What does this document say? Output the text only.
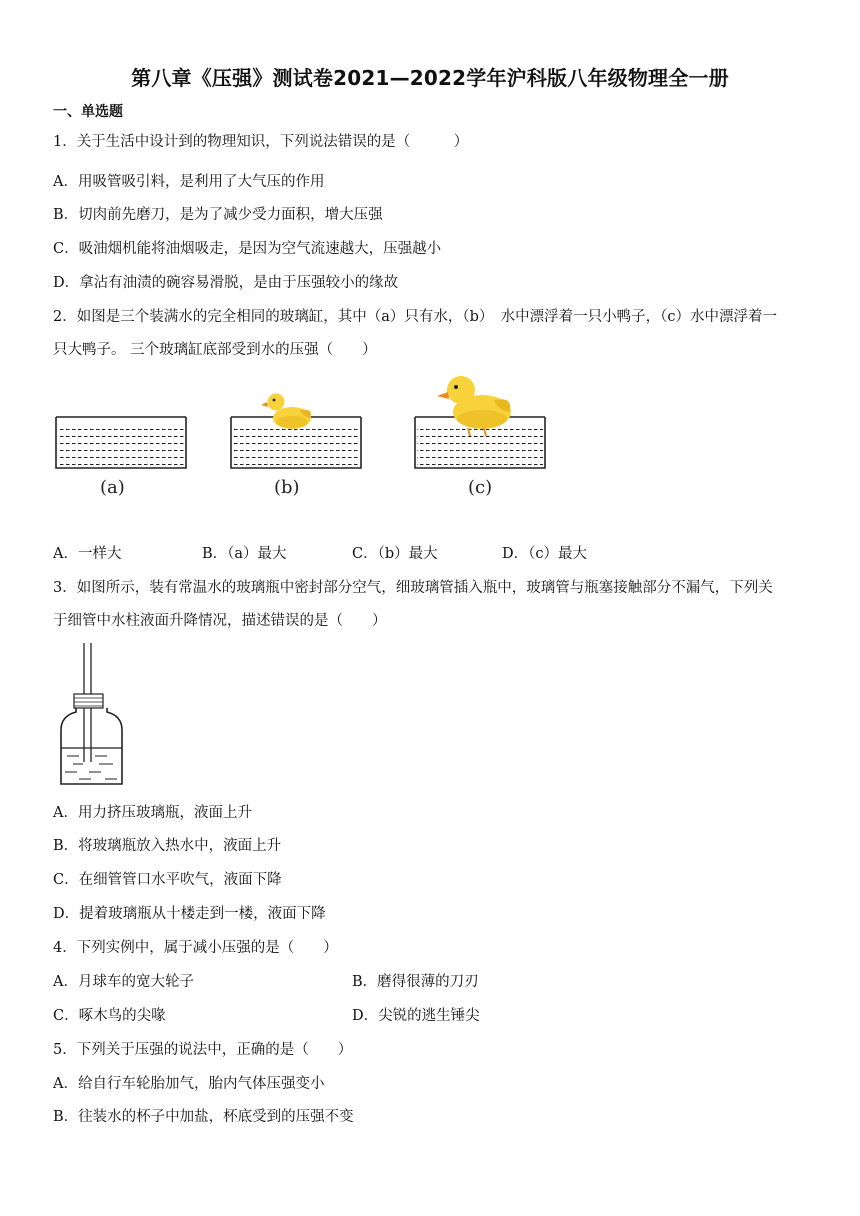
第八章《压强》测试卷2021—2022学年沪科版八年级物理全一册
一、单选题
1．关于生活中设计到的物理知识，下列说法错误的是（　　　）
A．用吸管吸引料，是利用了大气压的作用
B．切肉前先磨刀，是为了减少受力面积，增大压强
C．吸油烟机能将油烟吸走，是因为空气流速越大，压强越小
D．拿沾有油渍的碗容易滑脱，是由于压强较小的缘故
2．如图是三个装满水的完全相同的玻璃缸，其中（a）只有水，（b）　水中漂浮着一只小鸭子，（c）水中漂浮着一
只大鸭子。 三个玻璃缸底部受到水的压强（　　）
(a)	(b)	(c)
A．一样大	B．（a）最大	C．（b）最大	D．（c）最大
3．如图所示，装有常温水的玻璃瓶中密封部分空气，细玻璃管插入瓶中，玻璃管与瓶塞接触部分不漏气，下列关
于细管中水柱液面升降情况，描述错误的是（　　）
A．用力挤压玻璃瓶，液面上升
B．将玻璃瓶放入热水中，液面上升
C．在细管管口水平吹气，液面下降
D．提着玻璃瓶从十楼走到一楼，液面下降
4．下列实例中，属于减小压强的是（　　）
A．月球车的宽大轮子	B．磨得很薄的刀刃
C．啄木鸟的尖喙	D．尖锐的逃生锤尖
5．下列关于压强的说法中，正确的是（　　）
A．给自行车轮胎加气，胎内气体压强变小
B．往装水的杯子中加盐，杯底受到的压强不变
